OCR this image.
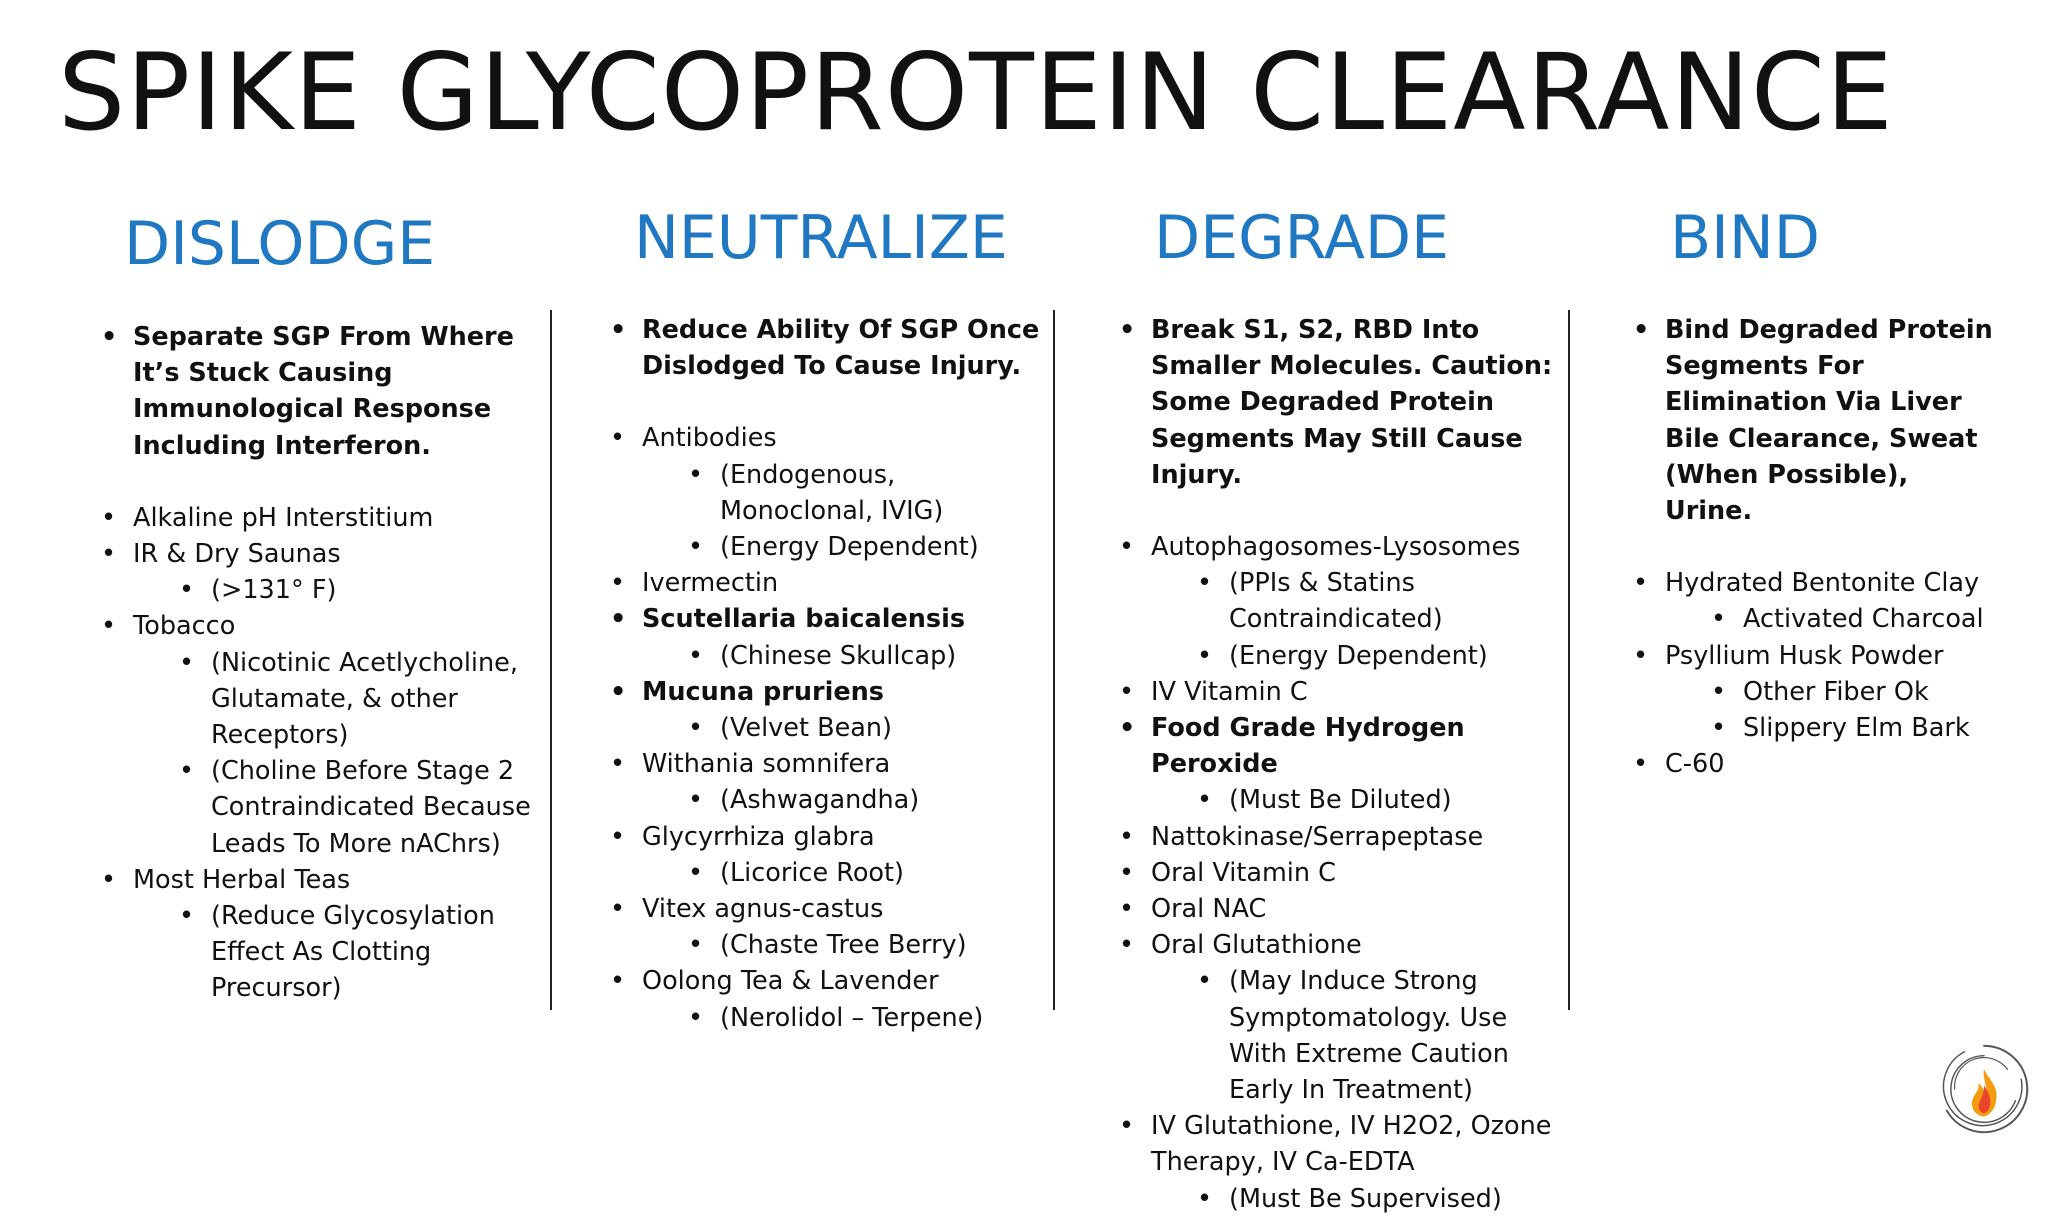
SPIKE GLYCOPROTEIN CLEARANCE
DISLODGE	NEUTRALIZE DEGRADE	BIND
• Separate SGP From Where It’s Stuck Causing Immunological Response Including Interferon.
• Alkaline pH Interstitium
• IR & Dry Saunas
• (>131° F)
• Tobacco
• (Nicotinic Acetlycholine, Glutamate, & other Receptors)
• (Choline Before Stage 2 Contraindicated Because Leads To More nAChrs)
• Most Herbal Teas
• (Reduce Glycosylation Effect As Clotting Precursor)
• Reduce Ability Of SGP Once Dislodged To Cause Injury.
• Antibodies
• (Endogenous, Monoclonal, IVIG)
• (Energy Dependent)
• Ivermectin
• Scutellaria baicalensis
• (Chinese Skullcap)
• Mucuna pruriens
• (Velvet Bean)
• Withania somnifera
• (Ashwagandha)
• Glycyrrhiza glabra
• (Licorice Root)
• Vitex agnus-castus
• (Chaste Tree Berry)
• Oolong Tea & Lavender
• (Nerolidol – Terpene)
• Break S1, S2, RBD Into Smaller Molecules. Caution: Some Degraded Protein Segments May Still Cause Injury.
• Autophagosomes-Lysosomes
• (PPIs & Statins Contraindicated)
• (Energy Dependent)
• IV Vitamin C
• Food Grade Hydrogen Peroxide
• (Must Be Diluted)
• Nattokinase/Serrapeptase
• Oral Vitamin C
• Oral NAC
• Oral Glutathione
• (May Induce Strong Symptomatology. Use With Extreme Caution Early In Treatment)
• IV Glutathione, IV H2O2, Ozone Therapy, IV Ca-EDTA
• (Must Be Supervised)
• Bind Degraded Protein Segments For Elimination Via Liver Bile Clearance, Sweat (When Possible), Urine.
• Hydrated Bentonite Clay
• Activated Charcoal
• Psyllium Husk Powder
• Other Fiber Ok
• Slippery Elm Bark
• C-60
